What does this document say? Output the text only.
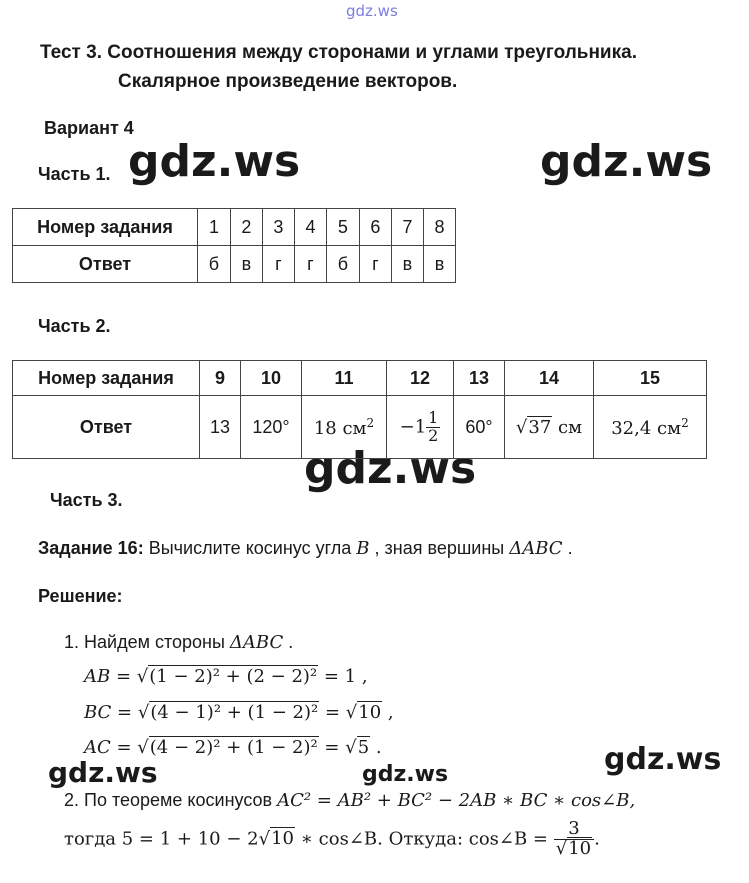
gdz.ws
gdz.ws	gdz.ws
gdz.ws
gdz.ws	gdz.ws	gdz.ws
Тест 3. Соотношения между сторонами и углами треугольника.
Скалярное произведение векторов.
Вариант 4
Часть 1.
Номер задания	1	2	3	4	5	6	7	8
Ответ	б	в	г	г	б	г	в	в
Часть 2.
Номер задания	9	10	11	12	13	14	15
Ответ	13	120°	18 $см^2$	$-1 \frac{1}{2}$	60°	√37 см	32,4 $см^2$
Часть 3.
Задание 16: Вычислите косинус угла B , зная вершины ΔABC .
Решение:
1. Найдем стороны ΔABC .
AB = √(1 − 2)² + (2 − 2)² = 1 ,
BC = √(4 − 1)² + (1 − 2)² = √10 ,
AC = √(4 − 2)² + (1 − 2)² = √5 .
2. По теореме косинусов AC² = AB² + BC² − 2AB ∗ BC ∗ cos∠B,
тогда 5 = 1 + 10 − 2√10 ∗ cos∠B. Откуда: cos∠B = $\frac{3}{√10}$ .
